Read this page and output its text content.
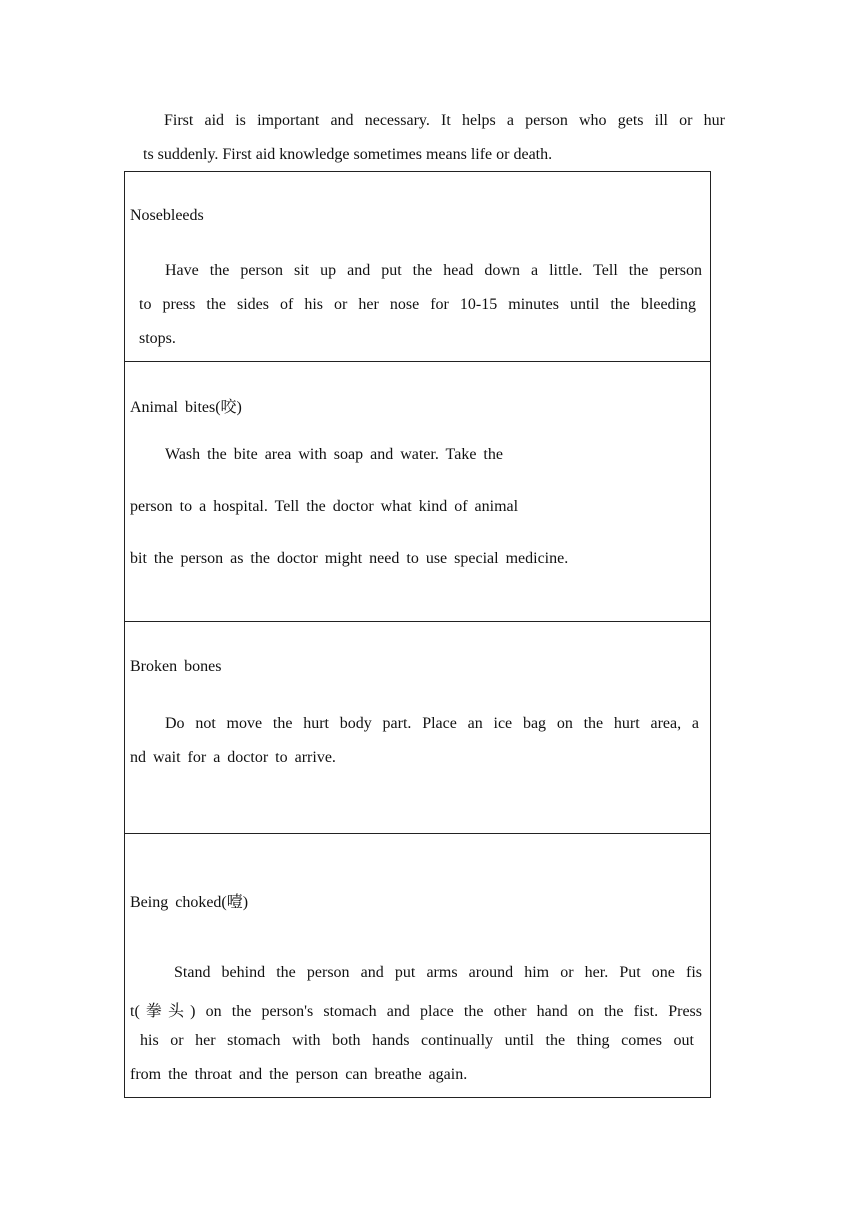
First aid is important and necessary. It helps a person who gets ill or hur
ts suddenly. First aid knowledge sometimes means life or death.
Nosebleeds
Have the person sit up and put the head down a little. Tell the person
to press the sides of his or her nose for 10-15 minutes until the bleeding
stops.
Animal bites(咬)
Wash the bite area with soap and water. Take the
person to a hospital. Tell the doctor what kind of animal
bit the person as the doctor might need to use special medicine.
Broken bones
Do not move the hurt body part. Place an ice bag on the hurt area, a
nd wait for a doctor to arrive.
Being choked(噎)
Stand behind the person and put arms around him or her. Put one fis
t(拳头) on the person's stomach and place the other hand on the fist. Press
his or her stomach with both hands continually until the thing comes out
from the throat and the person can breathe again.
